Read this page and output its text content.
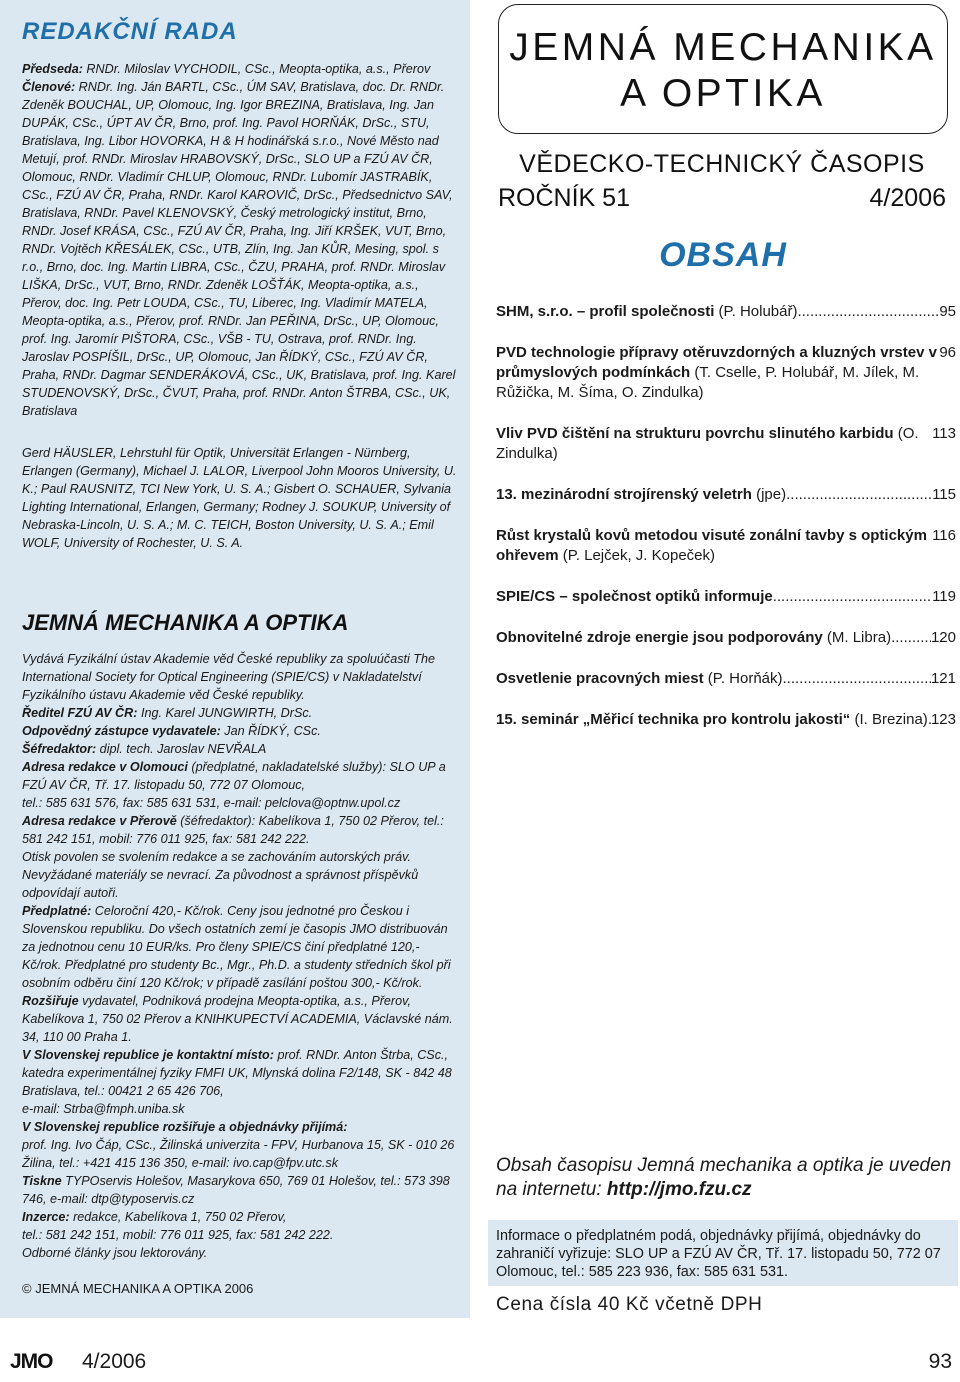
REDAKČNÍ RADA

Předseda: RNDr. Miloslav VYCHODIL, CSc., Meopta-optika, a.s., Přerov
Členové: RNDr. Ing. Ján BARTL, CSc., ÚM SAV, Bratislava, doc. Dr. RNDr. Zdeněk BOUCHAL, UP, Olomouc, Ing. Igor BREZINA, Bratislava, Ing. Jan DUPÁK, CSc., ÚPT AV ČR, Brno, prof. Ing. Pavol HORŇÁK, DrSc., STU, Bratislava, Ing. Libor HOVORKA, H & H hodinářská s.r.o., Nové Město nad Metují, prof. RNDr. Miroslav HRABOVSKÝ, DrSc., SLO UP a FZÚ AV ČR, Olomouc, RNDr. Vladimír CHLUP, Olomouc, RNDr. Lubomír JASTRABÍK, CSc., FZÚ AV ČR, Praha, RNDr. Karol KAROVIČ, DrSc., Předsednictvo SAV, Bratislava, RNDr. Pavel KLENOVSKÝ, Český metrologický institut, Brno, RNDr. Josef KRÁSA, CSc., FZÚ AV ČR, Praha, Ing. Jiří KRŠEK, VUT, Brno, RNDr. Vojtěch KŘESÁLEK, CSc., UTB, Zlín, Ing. Jan KŮR, Mesing, spol. s r.o., Brno, doc. Ing. Martin LIBRA, CSc., ČZU, PRAHA, prof. RNDr. Miroslav LIŠKA, DrSc., VUT, Brno, RNDr. Zdeněk LOŠŤÁK, Meopta-optika, a.s., Přerov, doc. Ing. Petr LOUDA, CSc., TU, Liberec, Ing. Vladimír MATELA, Meopta-optika, a.s., Přerov, prof. RNDr. Jan PEŘINA, DrSc., UP, Olomouc, prof. Ing. Jaromír PIŠTORA, CSc., VŠB - TU, Ostrava, prof. RNDr. Ing. Jaroslav POSPÍŠIL, DrSc., UP, Olomouc, Jan ŘÍDKÝ, CSc., FZÚ AV ČR, Praha, RNDr. Dagmar SENDERÁKOVÁ, CSc., UK, Bratislava, prof. Ing. Karel STUDENOVSKÝ, DrSc., ČVUT, Praha, prof. RNDr. Anton ŠTRBA, CSc., UK, Bratislava

Gerd HÄUSLER, Lehrstuhl für Optik, Universität Erlangen - Nürnberg, Erlangen (Germany), Michael J. LALOR, Liverpool John Mooros University, U. K.; Paul RAUSNITZ, TCI New York, U. S. A.; Gisbert O. SCHAUER, Sylvania Lighting International, Erlangen, Germany; Rodney J. SOUKUP, University of Nebraska-Lincoln, U. S. A.; M. C. TEICH, Boston University, U. S. A.; Emil WOLF, University of Rochester, U. S. A.

JEMNÁ MECHANIKA A OPTIKA

Vydává Fyzikální ústav Akademie věd České republiky za spoluúčasti The International Society for Optical Engineering (SPIE/CS) v Nakladatelství Fyzikálního ústavu Akademie věd České republiky.
Ředitel FZÚ AV ČR: Ing. Karel JUNGWIRTH, DrSc.
Odpovědný zástupce vydavatele: Jan ŘÍDKÝ, CSc.
Šéfredaktor: dipl. tech. Jaroslav NEVŘALA
Adresa redakce v Olomouci (předplatné, nakladatelské služby): SLO UP a FZÚ AV ČR, Tř. 17. listopadu 50, 772 07 Olomouc,
tel.: 585 631 576, fax: 585 631 531, e-mail: pelclova@optnw.upol.cz
Adresa redakce v Přerově (šéfredaktor): Kabelíkova 1, 750 02 Přerov, tel.: 581 242 151, mobil: 776 011 925, fax: 581 242 222.
Otisk povolen se svolením redakce a se zachováním autorských práv. Nevyžádané materiály se nevrací. Za původnost a správnost příspěvků odpovídají autoři.
Předplatné: Celoroční 420,- Kč/rok. Ceny jsou jednotné pro Českou i Slovenskou republiku. Do všech ostatních zemí je časopis JMO distribuován za jednotnou cenu 10 EUR/ks. Pro členy SPIE/CS činí předplatné 120,- Kč/rok. Předplatné pro studenty Bc., Mgr., Ph.D. a studenty středních škol při osobním odběru činí 120 Kč/rok; v případě zasílání poštou 300,- Kč/rok.
Rozšiřuje vydavatel, Podniková prodejna Meopta-optika, a.s., Přerov, Kabelíkova 1, 750 02 Přerov a KNIHKUPECTVÍ ACADEMIA, Václavské nám. 34, 110 00 Praha 1.
V Slovenskej republice je kontaktní místo: prof. RNDr. Anton Štrba, CSc., katedra experimentálnej fyziky FMFI UK, Mlynská dolina F2/148, SK - 842 48 Bratislava, tel.: 00421 2 65 426 706,
e-mail: Strba@fmph.uniba.sk
V Slovenskej republice rozšiřuje a objednávky přijímá:
prof. Ing. Ivo Čáp, CSc., Žilinská univerzita - FPV, Hurbanova 15, SK - 010 26 Žilina, tel.: +421 415 136 350, e-mail: ivo.cap@fpv.utc.sk
Tiskne TYPOservis Holešov, Masarykova 650, 769 01 Holešov, tel.: 573 398 746, e-mail: dtp@typoservis.cz
Inzerce: redakce, Kabelíkova 1, 750 02 Přerov,
tel.: 581 242 151, mobil: 776 011 925, fax: 581 242 222.
Odborné články jsou lektorovány.

© JEMNÁ MECHANIKA A OPTIKA 2006
JEMNÁ MECHANIKA
A OPTIKA
VĚDECKO-TECHNICKÝ ČASOPIS
ROČNÍK 51	4/2006
OBSAH
SHM, s.r.o. – profil společnosti (P. Holubář) .....	95
PVD technologie přípravy otěruvzdorných a kluzných vrstev v průmyslových podmínkách (T. Cselle, P. Holubář, M. Jílek, M. Růžička, M. Šíma, O. Zindulka)
96
Vliv PVD čištění na strukturu povrchu slinutého karbidu (O. Zindulka)
113
13. mezinárodní strojírenský veletrh (jpe) .....	115
Růst krystalů kovů metodou visuté zonální tavby s optickým ohřevem (P. Lejček, J. Kopeček)
116
SPIE/CS – společnost optiků informuje .....	119
Obnovitelné zdroje energie jsou podporovány (M. Libra) .....	120
Osvetlenie pracovných miest (P. Horňák) .....	121
15. seminár „Měřicí technika pro kontrolu jakosti“ (I. Brezina) ..... 123
Obsah časopisu Jemná mechanika a optika je uveden na internetu: http://jmo.fzu.cz
Informace o předplatném podá, objednávky přijímá, objednávky do zahraničí vyřizuje: SLO UP a FZÚ AV ČR, Tř. 17. listopadu 50, 772 07 Olomouc, tel.: 585 223 936, fax: 585 631 531.
Cena čísla 40 Kč včetně DPH
JMO 4/2006	93
